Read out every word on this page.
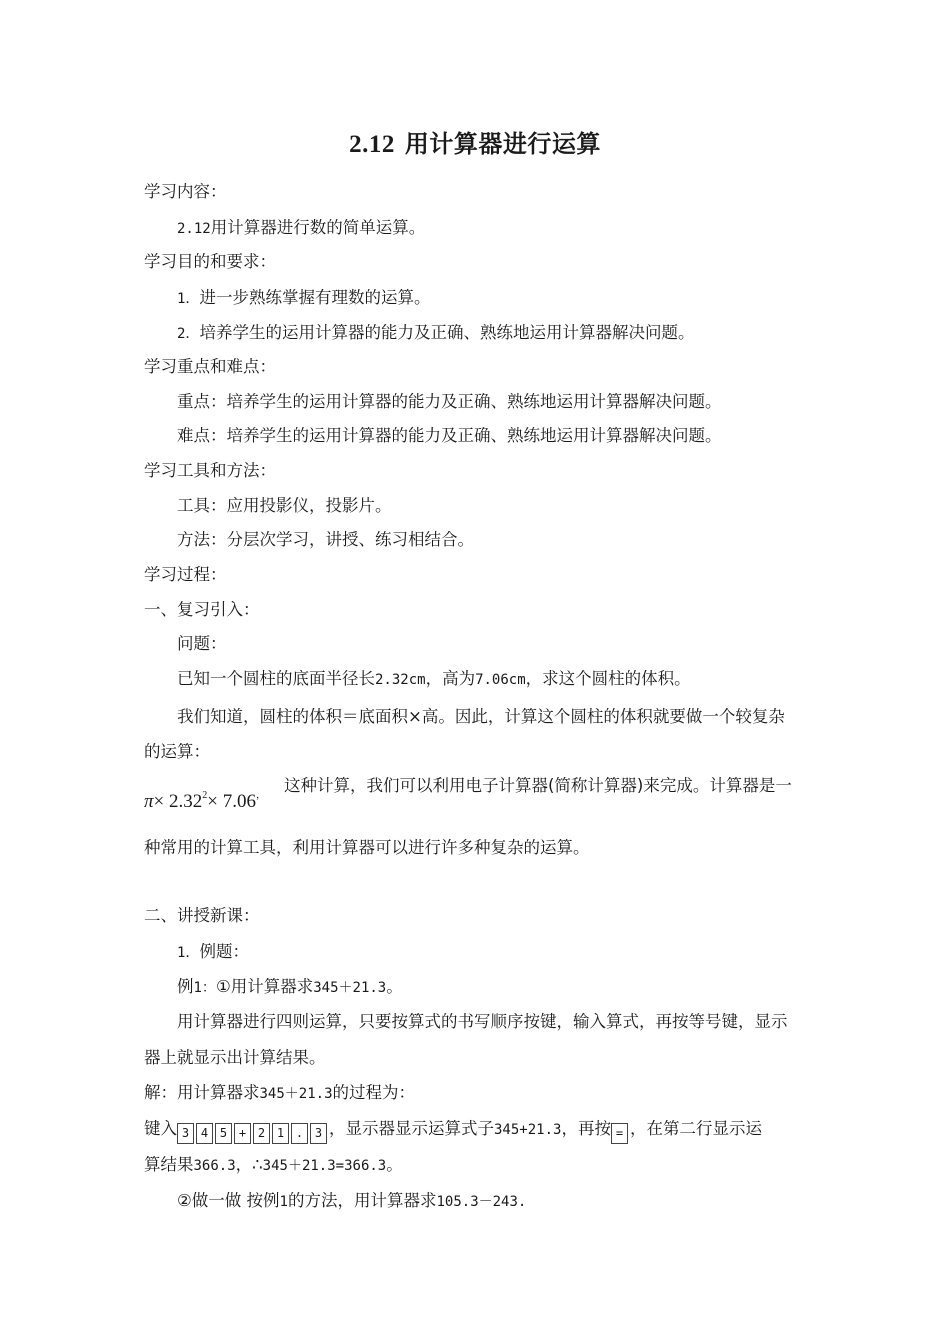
2.12 用计算器进行运算
学习内容：
2.12用计算器进行数的简单运算。
学习目的和要求：
1．进一步熟练掌握有理数的运算。
2．培养学生的运用计算器的能力及正确、熟练地运用计算器解决问题。
学习重点和难点：
重点：培养学生的运用计算器的能力及正确、熟练地运用计算器解决问题。
难点：培养学生的运用计算器的能力及正确、熟练地运用计算器解决问题。
学习工具和方法：
工具：应用投影仪，投影片。
方法：分层次学习，讲授、练习相结合。
学习过程：
一、复习引入：
问题：
已知一个圆柱的底面半径长2.32cm，高为7.06cm，求这个圆柱的体积。
我们知道，圆柱的体积＝底面积×高。因此，计算这个圆柱的体积就要做一个较复杂
的运算：
$\pi\times 2.32^2\times 7.06^,$
这种计算，我们可以利用电子计算器(简称计算器)来完成。计算器是一
种常用的计算工具，利用计算器可以进行许多种复杂的运算。
二、讲授新课：
1．例题：
例1：①用计算器求345＋21.3。
用计算器进行四则运算，只要按算式的书写顺序按键，输入算式，再按等号键，显示
器上就显示出计算结果。
解：用计算器求345＋21.3的过程为：
键入 3 4 5 + 2 1 . 3 ，显示器显示运算式子345+21.3，再按 = ，在第二行显示运
算结果366.3，∴345＋21.3=366.3。
②做一做 按例1的方法，用计算器求105.3－243.
